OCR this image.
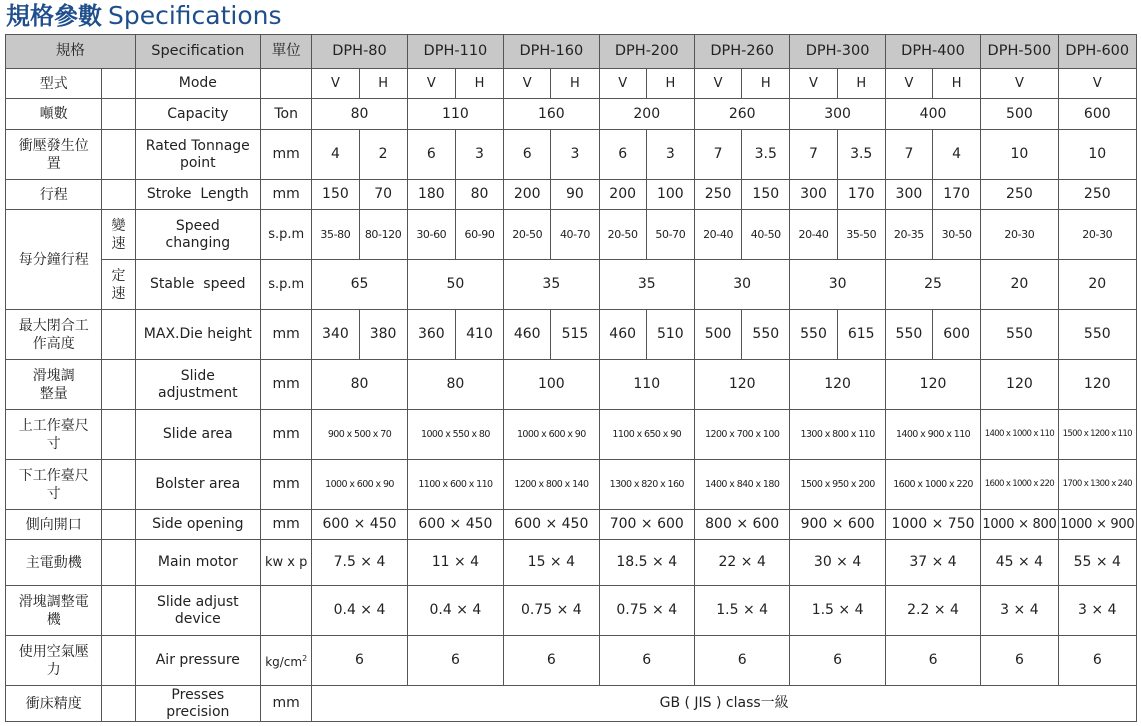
規格參數 Specifications
規格		Specification	單位	DPH-80		DPH-110		DPH-160		DPH-200		DPH-260		DPH-300		DPH-400		DPH-500	DPH-600
型式		Mode		V	H	V	H	V	H	V	H	V	H	V	H	V	H	V	V
噸數		Capacity	Ton	80		110		160		200		260		300		400		500	600
衝壓發生位置		Rated Tonnage point	mm	4	2	6	3	6	3	6	3	7	3.5	7	3.5	7	4	10	10
行程		Stroke  Length	mm	150	70	180	80	200	90	200	100	250	150	300	170	300	170	250	250
每分鐘行程	變速	Speed changing	s.p.m	35-80	80-120	30-60	60-90	20-50	40-70	20-50	50-70	20-40	40-50	20-40	35-50	20-35	30-50	20-30	20-30
	定速	Stable  speed	s.p.m	65		50		35		35		30		30		25		20	20
最大閉合工作高度		MAX.Die height	mm	340	380	360	410	460	515	460	510	500	550	550	615	550	600	550	550
滑塊調整量		Slide adjustment	mm	80		80		100		110		120		120		120		120	120
上工作臺尺寸		Slide area	mm	900 x 500 x 70		1000 x 550 x 80		1000 x 600 x 90		1100 x 650 x 90		1200 x 700 x 100		1300 x 800 x 110		1400 x 900 x 110		1400 x 1000 x 110	1500 x 1200 x 110
下工作臺尺寸		Bolster area	mm	1000 x 600 x 90		1100 x 600 x 110		1200 x 800 x 140		1300 x 820 x 160		1400 x 840 x 180		1500 x 950 x 200		1600 x 1000 x 220		1600 x 1000 x 220	1700 x 1300 x 240
側向開口		Side opening	mm	600 × 450		600 × 450		600 × 450		700 × 600		800 × 600		900 × 600		1000 × 750		1000 × 800	1000 × 900
主電動機		Main motor	kw x p	7.5 × 4		11 × 4		15 × 4		18.5 × 4		22 × 4		30 × 4		37 × 4		45 × 4	55 × 4
滑塊調整電機		Slide adjust device		0.4 × 4		0.4 × 4		0.75 × 4		0.75 × 4		1.5 × 4		1.5 × 4		2.2 × 4		3 × 4	3 × 4
使用空氣壓力		Air pressure	$kg/cm^2$	6		6		6		6		6		6		6		6	6
衝床精度		Presses precision	mm	GB ( JIS ) class一級															
